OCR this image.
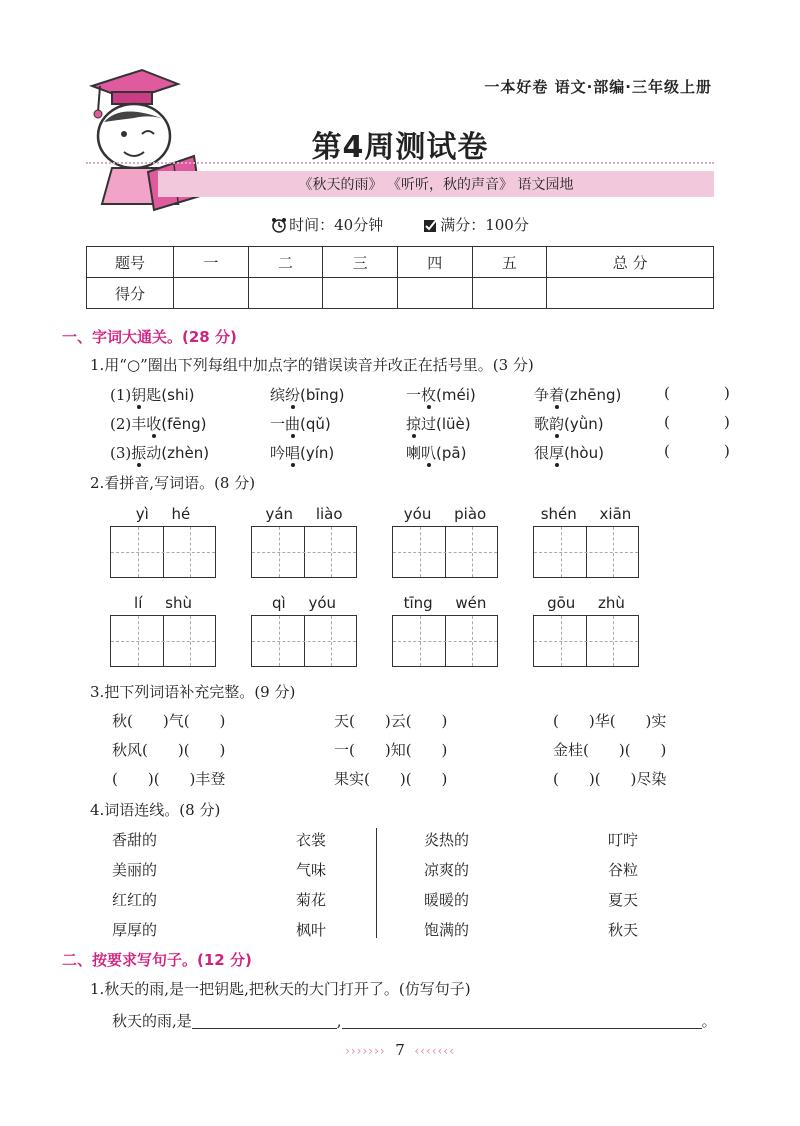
一本好卷 语文·部编·三年级上册
第4周测试卷
《秋天的雨》 《听听，秋的声音》 语文园地
时间：40分钟	满分：100分
题号	一	二	三	四	五	总 分
得分						
一、字词大通关。(28 分)
1.用“○”圈出下列每组中加点字的错误读音并改正在括号里。(3 分)
(1)钥匙(shi)	缤纷(bīng)	一枚(méi)	争着(zhēng)	(	)
(2)丰收(fēng)	一曲(qǔ)	掠过(lüè)	歌韵(yǜn)	(	)
(3)振动(zhèn)	吟唱(yín)	喇叭(pā)	很厚(hòu)	(	)
2.看拼音,写词语。(8 分)
yì hé	yán liào	yóu piào	shén xiān
lí shù	qì yóu	tīng wén	gōu zhù
3.把下列词语补充完整。(9 分)
秋(　　)气(　　)	天(　　)云(　　)	(　　)华(　　)实
秋风(　　)(　　)	一(　　)知(　　)	金桂(　　)(　　)
(　　)(　　)丰登	果实(　　)(　　)	(　　)(　　)尽染
4.词语连线。(8 分)
香甜的	衣裳	炎热的	叮咛
美丽的	气味	凉爽的	谷粒
红红的	菊花	暖暖的	夏天
厚厚的	枫叶	饱满的	秋天
二、按要求写句子。(12 分)
1.秋天的雨,是一把钥匙,把秋天的大门打开了。(仿写句子)
秋天的雨,是	,	。
››››››› 7 ‹‹‹‹‹‹‹
